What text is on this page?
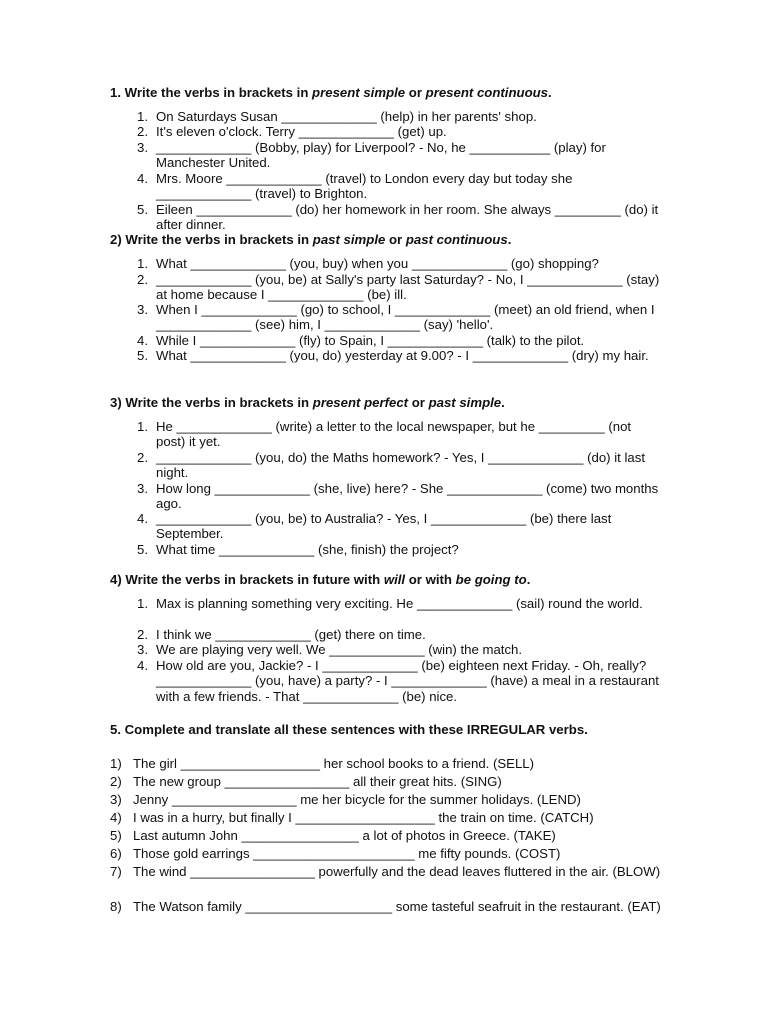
1. Write the verbs in brackets in present simple or present continuous.

1. On Saturdays Susan _____________ (help) in her parents' shop.
2. It's eleven o'clock. Terry _____________ (get) up.
3. _____________ (Bobby, play) for Liverpool? - No, he ___________ (play) for Manchester United.
4. Mrs. Moore _____________ (travel) to London every day but today she _____________ (travel) to Brighton.
5. Eileen _____________ (do) her homework in her room. She always _________ (do) it after dinner.

2) Write the verbs in brackets in past simple or past continuous.

1. What _____________ (you, buy) when you _____________ (go) shopping?
2. _____________ (you, be) at Sally's party last Saturday? - No, I _____________ (stay) at home because I _____________ (be) ill.
3. When I _____________ (go) to school, I _____________ (meet) an old friend, when I _____________ (see) him, I _____________ (say) 'hello'.
4. While I _____________ (fly) to Spain, I _____________ (talk) to the pilot.
5. What _____________ (you, do) yesterday at 9.00? - I _____________ (dry) my hair.

3) Write the verbs in brackets in present perfect or past simple.

1. He _____________ (write) a letter to the local newspaper, but he _________ (not post) it yet.
2. _____________ (you, do) the Maths homework? - Yes, I _____________ (do) it last night.
3. How long _____________ (she, live) here? - She _____________ (come) two months ago.
4. _____________ (you, be) to Australia? - Yes, I _____________ (be) there last September.
5. What time _____________ (she, finish) the project?

4) Write the verbs in brackets in future with will or with be going to.

1. Max is planning something very exciting. He _____________ (sail) round the world.
2. I think we _____________ (get) there on time.
3. We are playing very well. We _____________ (win) the match.
4. How old are you, Jackie? - I _____________ (be) eighteen next Friday. - Oh, really? _____________ (you, have) a party? - I _____________ (have) a meal in a restaurant with a few friends. - That _____________ (be) nice.

5. Complete and translate all these sentences with these IRREGULAR verbs.

1) The girl ___________________ her school books to a friend. (SELL)
2) The new group _________________ all their great hits. (SING)
3) Jenny _________________ me her bicycle for the summer holidays. (LEND)
4) I was in a hurry, but finally I ___________________ the train on time. (CATCH)
5) Last autumn John ________________ a lot of photos in Greece. (TAKE)
6) Those gold earrings ______________________ me fifty pounds. (COST)
7) The wind _________________ powerfully and the dead leaves fluttered in the air. (BLOW)
8) The Watson family ____________________ some tasteful seafruit in the restaurant. (EAT)
